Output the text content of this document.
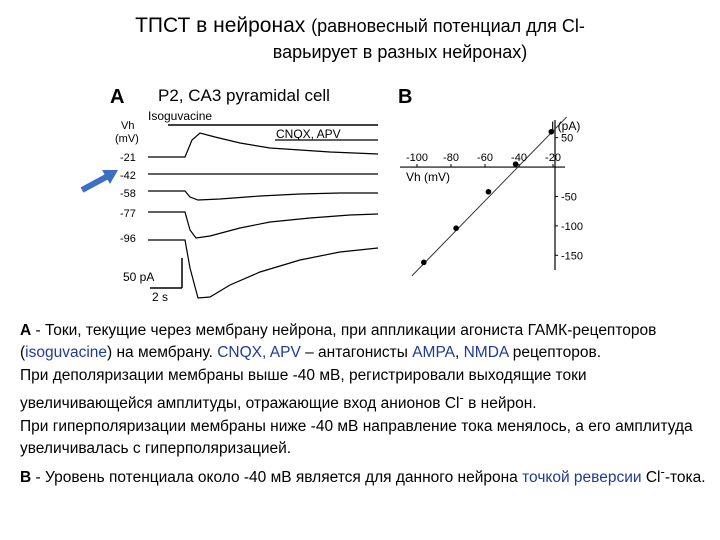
ТПСТ в нейронах (равновесный потенциал для Cl-
варьирует в разных нейронах)
A P2, CA3 pyramidal cell
Isoguvacine
CNQX, APV
Vh
(mV)
-21
-42
-58
-77
-96
50 pA
2 s
B
-100 -80 -60 -40 -20
50
-50
-100
-150
I (pA)
Vh (mV)

A - Токи, текущие через мембрану нейрона, при аппликации агониста ГАМК-рецепторов (isoguvacine) на мембрану. CNQX, APV – антагонисты AMPA, NMDA рецепторов.

При деполяризации мембраны выше -40 мВ, регистрировали выходящие токи увеличивающейся амплитуды, отражающие вход анионов Cl- в нейрон.

При гиперполяризации мембраны ниже -40 мВ направление тока менялось, а его амплитуда увеличивалась с гиперполяризацией.

B - Уровень потенциала около -40 мВ является для данного нейрона точкой реверсии Cl--тока.
